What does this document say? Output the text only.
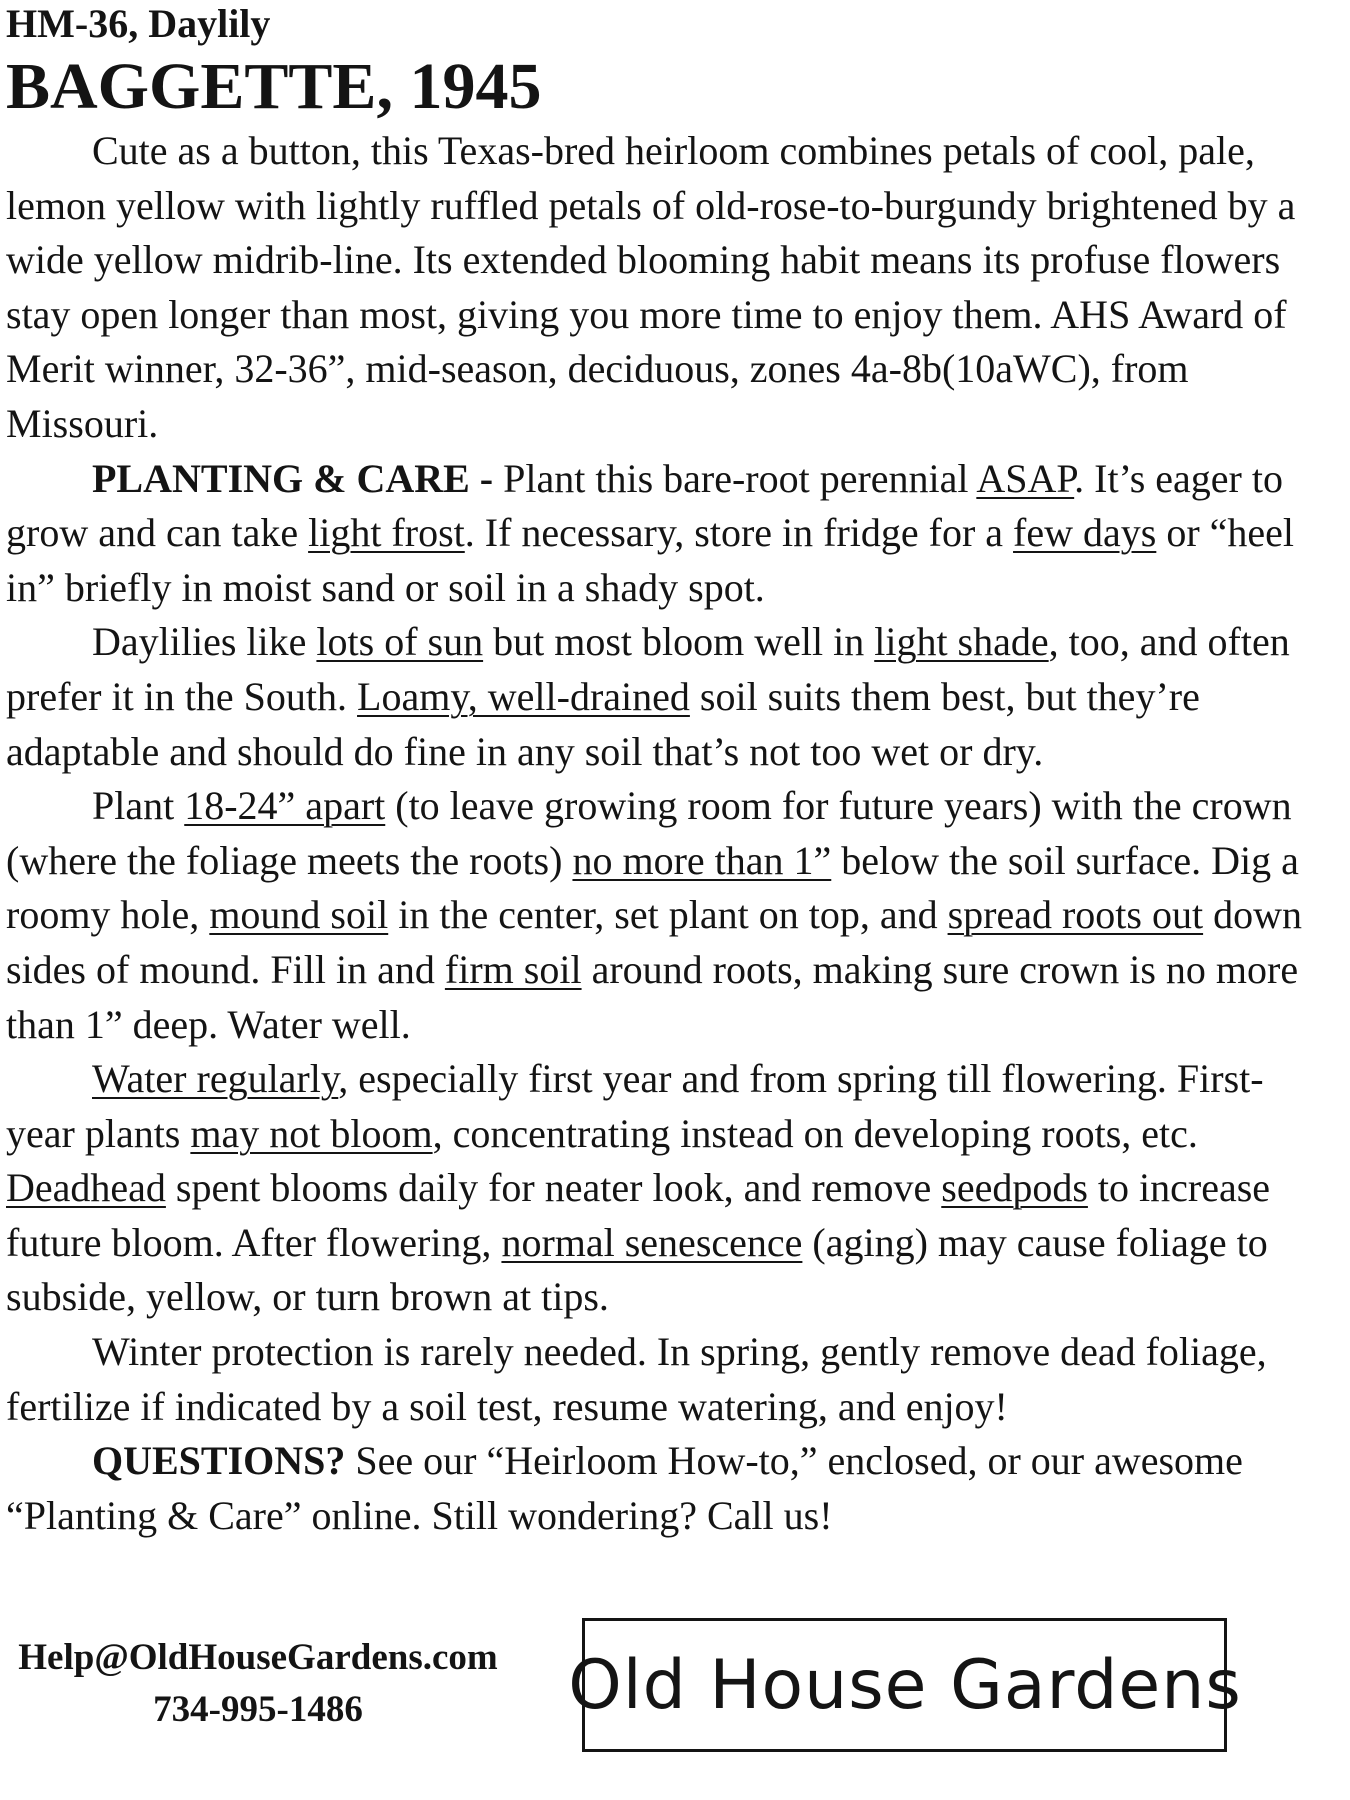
HM-36, Daylily
BAGGETTE, 1945

Cute as a button, this Texas-bred heirloom combines petals of cool, pale, lemon yellow with lightly ruffled petals of old-rose-to-burgundy brightened by a wide yellow midrib-line. Its extended blooming habit means its profuse flowers stay open longer than most, giving you more time to enjoy them. AHS Award of Merit winner, 32-36”, mid-season, deciduous, zones 4a-8b(10aWC), from Missouri.

PLANTING & CARE - Plant this bare-root perennial ASAP. It’s eager to grow and can take light frost. If necessary, store in fridge for a few days or “heel in” briefly in moist sand or soil in a shady spot.

Daylilies like lots of sun but most bloom well in light shade, too, and often prefer it in the South. Loamy, well-drained soil suits them best, but they’re adaptable and should do fine in any soil that’s not too wet or dry.

Plant 18-24” apart (to leave growing room for future years) with the crown (where the foliage meets the roots) no more than 1” below the soil surface. Dig a roomy hole, mound soil in the center, set plant on top, and spread roots out down sides of mound. Fill in and firm soil around roots, making sure crown is no more than 1” deep. Water well.

Water regularly, especially first year and from spring till flowering. First-year plants may not bloom, concentrating instead on developing roots, etc. Deadhead spent blooms daily for neater look, and remove seedpods to increase future bloom. After flowering, normal senescence (aging) may cause foliage to subside, yellow, or turn brown at tips.

Winter protection is rarely needed. In spring, gently remove dead foliage, fertilize if indicated by a soil test, resume watering, and enjoy!

QUESTIONS? See our “Heirloom How-to,” enclosed, or our awesome “Planting & Care” online. Still wondering? Call us!

Help@OldHouseGardens.com
734-995-1486	Old House Gardens
